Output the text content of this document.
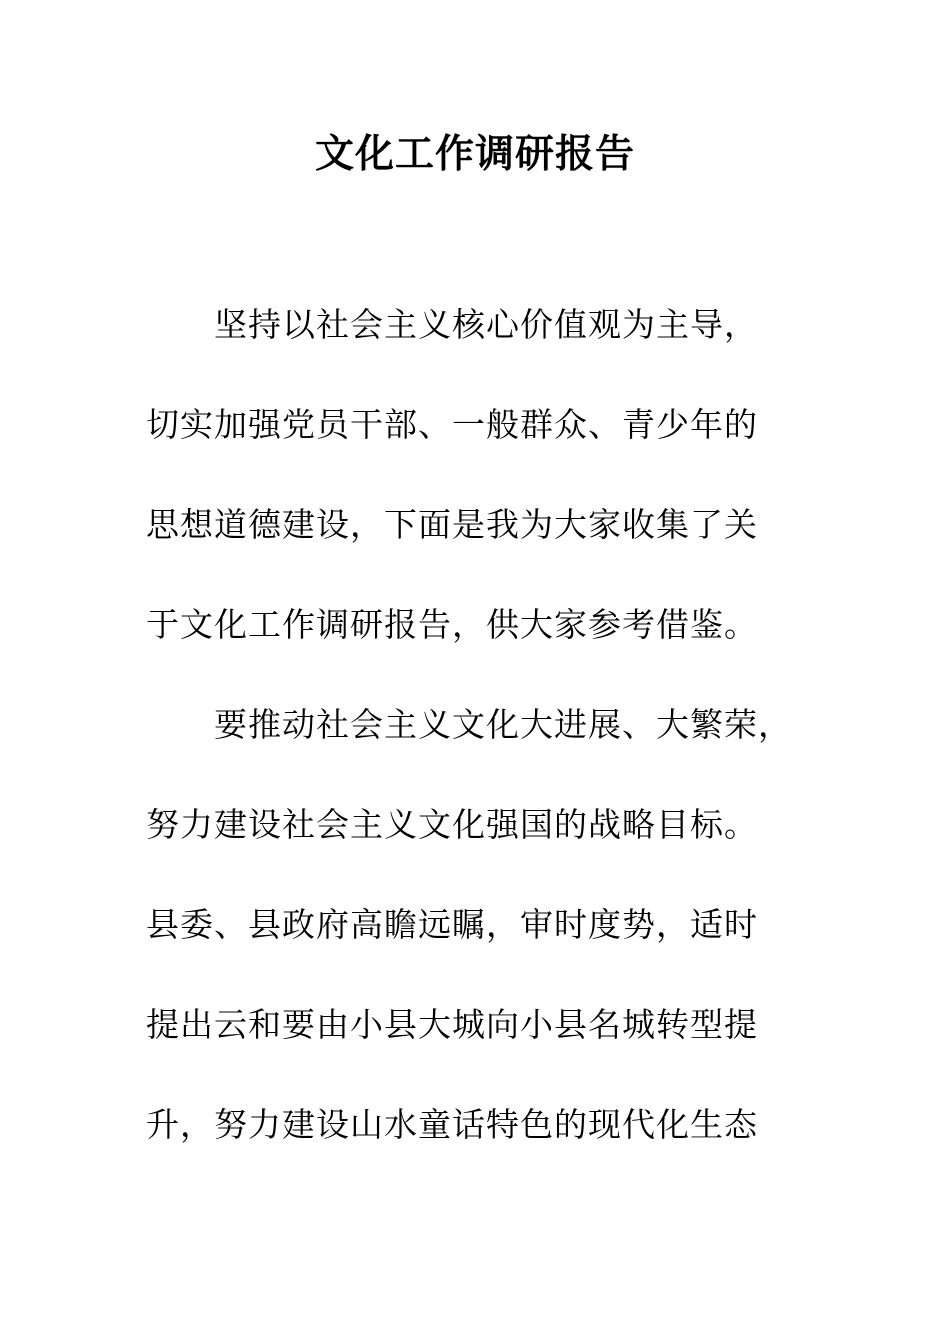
文化工作调研报告
坚持以社会主义核心价值观为主导，
切实加强党员干部、一般群众、青少年的
思想道德建设，下面是我为大家收集了关
于文化工作调研报告，供大家参考借鉴。
要推动社会主义文化大进展、大繁荣，
努力建设社会主义文化强国的战略目标。
县委、县政府高瞻远瞩，审时度势，适时
提出云和要由小县大城向小县名城转型提
升，努力建设山水童话特色的现代化生态
